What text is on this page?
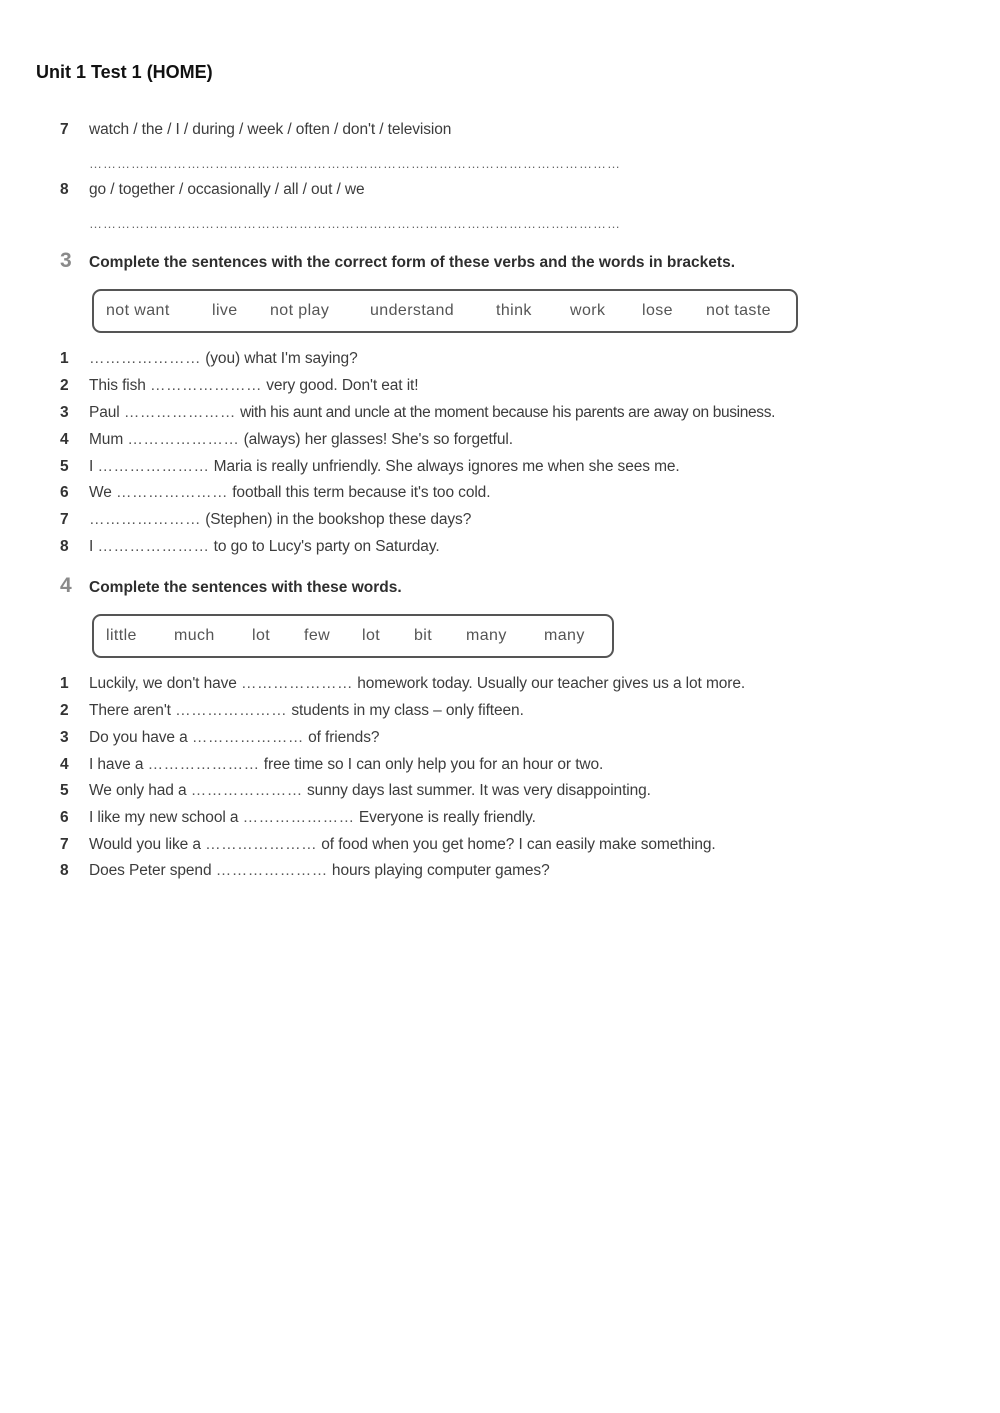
Unit 1 Test 1 (HOME)
7 watch / the / I / during / week / often / don't / television
……………………………………………………………………………………………………
8 go / together / occasionally / all / out / we
……………………………………………………………………………………………………
3 Complete the sentences with the correct form of these verbs and the words in brackets.
not want	live	not play	understand	think	work	lose	not taste
1 ………………… (you) what I'm saying?
2 This fish ………………… very good. Don't eat it!
3 Paul ………………… with his aunt and uncle at the moment because his parents are away on business.
4 Mum ………………… (always) her glasses! She's so forgetful.
5 I ………………… Maria is really unfriendly. She always ignores me when she sees me.
6 We ………………… football this term because it's too cold.
7 ………………… (Stephen) in the bookshop these days?
8 I ………………… to go to Lucy's party on Saturday.
4 Complete the sentences with these words.
little	much	lot	few	lot	bit	many	many
1 Luckily, we don't have ………………… homework today. Usually our teacher gives us a lot more.
2 There aren't ………………… students in my class – only fifteen.
3 Do you have a ………………… of friends?
4 I have a ………………… free time so I can only help you for an hour or two.
5 We only had a ………………… sunny days last summer. It was very disappointing.
6 I like my new school a ………………… Everyone is really friendly.
7 Would you like a ………………… of food when you get home? I can easily make something.
8 Does Peter spend ………………… hours playing computer games?
